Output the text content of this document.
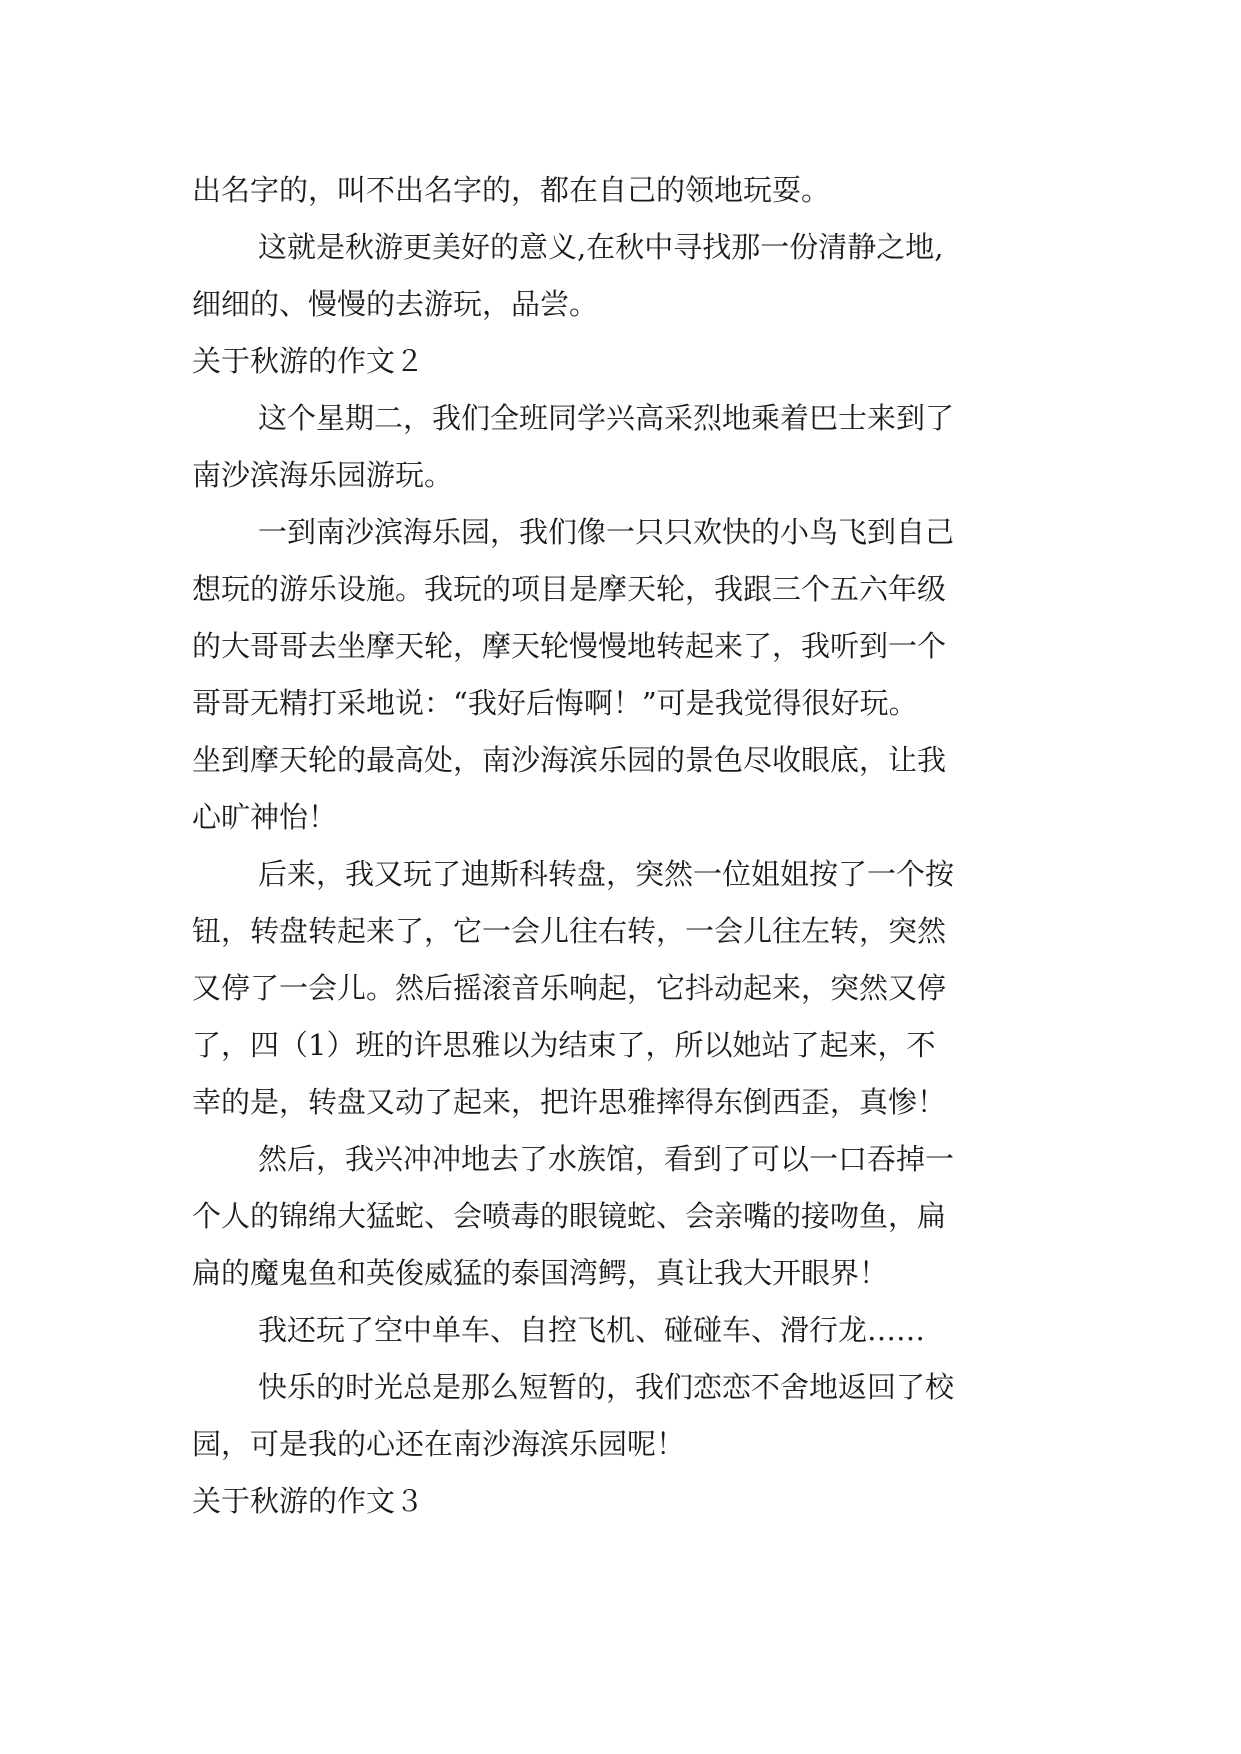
出名字的，叫不出名字的，都在自己的领地玩耍。
这就是秋游更美好的意义,在秋中寻找那一份清静之地,
细细的、慢慢的去游玩，品尝。
关于秋游的作文２
这个星期二，我们全班同学兴高采烈地乘着巴士来到了
南沙滨海乐园游玩。
一到南沙滨海乐园，我们像一只只欢快的小鸟飞到自己
想玩的游乐设施。我玩的项目是摩天轮，我跟三个五六年级
的大哥哥去坐摩天轮，摩天轮慢慢地转起来了，我听到一个
哥哥无精打采地说：“我好后悔啊！”可是我觉得很好玩。
坐到摩天轮的最高处，南沙海滨乐园的景色尽收眼底，让我
心旷神怡！
后来，我又玩了迪斯科转盘，突然一位姐姐按了一个按
钮，转盘转起来了，它一会儿往右转，一会儿往左转，突然
又停了一会儿。然后摇滚音乐响起，它抖动起来，突然又停
了，四（1）班的许思雅以为结束了，所以她站了起来，不
幸的是，转盘又动了起来，把许思雅摔得东倒西歪，真惨！
然后，我兴冲冲地去了水族馆，看到了可以一口吞掉一
个人的锦绵大猛蛇、会喷毒的眼镜蛇、会亲嘴的接吻鱼，扁
扁的魔鬼鱼和英俊威猛的泰国湾鳄，真让我大开眼界！
我还玩了空中单车、自控飞机、碰碰车、滑行龙……
快乐的时光总是那么短暂的，我们恋恋不舍地返回了校
园，可是我的心还在南沙海滨乐园呢！
关于秋游的作文３
